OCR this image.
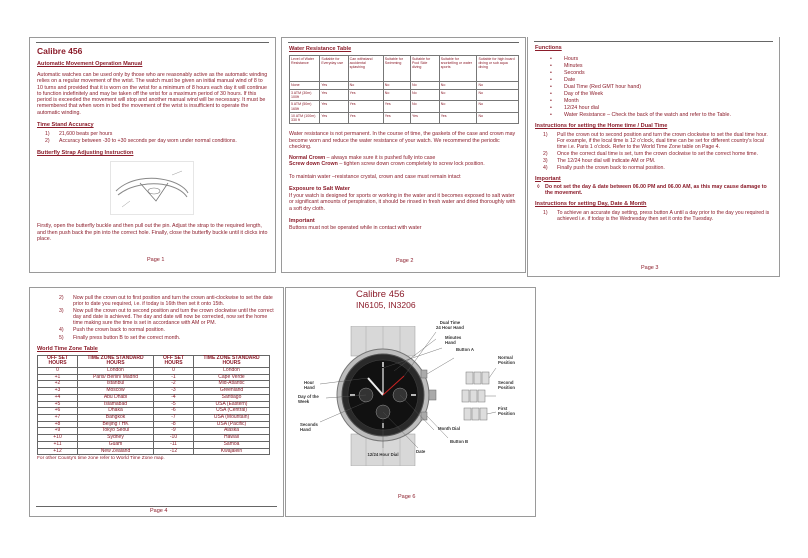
Calibre 456
Automatic Movement Operation Manual
Automatic watches can be used only by those who are reasonably active as the automatic winding relies on a regular movement of the wrist. The watch must be given an initial manual wind of 8 to 10 turns and provided that it is worn on the wrist for a minimum of 8 hours each day it will continue to function indefinitely and may be taken off the wrist for a maximum period of 30 hours. If this period is exceeded the movement will stop and another manual wind will be necessary. It must be remembered that when worn in bed the movement of the wrist is insufficient to operate the automatic winding.
Time Stand Accuracy
1)	21,600 beats per hours
2)	Accuracy between -30 to +30 seconds per day worn under normal conditions.
Butterfly Strap Adjusting Instruction
Firstly, open the butterfly buckle and then pull out the pin. Adjust the strap to the required length, and then push back the pin into the correct hole. Finally, close the butterfly buckle until it clicks into place.
Page 1
Water Resistance Table
Level of Water Resistance	Suitable for Everyday use	Can withstand accidental splashing	Suitable for Swimming	Suitable for Pool Side diving	Suitable for snorkelling or water sports	Suitable for high board diving or sub aqua diving
None	Yes	No	No	No	No	No
3 ATM (30m) 100ft	Yes	Yes	No	No	No	No
5 ATM (50m) 165ft	Yes	Yes	Yes	No	No	No
10 ATM (100m) 330 ft	Yes	Yes	Yes	Yes	Yes	No
Water resistance is not permanent. In the course of time, the gaskets of the case and crown may become worn and reduce the water resistance of your watch. We recommend the periodic checking.
Normal Crown – always make sure it is pushed fully into case
Screw down Crown – tighten screw down crown completely to screw lock position.
To maintain water –resistance crystal, crown and case must remain intact
Exposure to Salt Water
If your watch is designed for sports or working in the water and it becomes exposed to salt water or significant amounts of perspiration, it should be rinsed in fresh water and dried thoroughly with a soft dry cloth.
Important
Buttons must not be operated while in contact with water
Page 2
Functions
• Hours
• Minutes
• Seconds
• Date
• Dual Time (Red GMT hour hand)
• Day of the Week
• Month
• 12/24 hour dial
• Water Resistance – Check the back of the watch and refer to the Table.
Instructions for setting the Home time / Dual Time
1)	Pull the crown out to second position and turn the crown clockwise to set the dual time hour. For example, if the local time is 12 o'clock, dual time can be set for different country's local time i.e. Paris 1 o'clock. Refer to the World Time Zone table on Page 4.
2)	Once the correct dual time is set, turn the crown clockwise to set the correct home time.
3)	The 12/24 hour dial will indicate AM or PM.
4)	Finally push the crown back to normal position.
Important
◊	Do not set the day & date between 06.00 PM and 06.00 AM, as this may cause damage to the movement.
Instructions for setting Day, Date & Month
1)	To achieve an accurate day setting, press button A until a day prior to the day you required is achieved i.e. if today is the Wednesday then set it onto the Tuesday.
Page 3
2)	Now pull the crown out to first position and turn the crown anti-clockwise to set the date prior to date you required, i.e. if today is 16th then set it onto 15th.
3)	Now pull the crown out to second position and turn the crown clockwise until the correct day and date is achieved. The day and date will now be corrected, now set the home time making sure the time is set in accordance with AM or PM.
4)	Push the crown back to normal position.
5)	Finally press button B to set the correct month.
World Time Zone Table
OFF SET HOURS	TIME ZONE STANDARD HOURS	OFF SET HOURS	TIME ZONE STANDARD HOURS
0	London	0	London
+1	Paris/ Berlin/ Madrid	-1	Cape Verde
+2	Istanbul	-2	Mid-Atlantic
+3	Moscow	-3	Greenland
+4	Abu Dhabi	-4	Santiago
+5	Islamabad	-5	USA (Eastern)
+6	Dhaka	-6	USA (Central)
+7	Bangkok	-7	USA (Mountain)
+8	Beijing / HK	-8	USA (Pacific)
+9	Tokyo Seoul	-9	Alaska
+10	Sydney	-10	Hawaii
+11	Guam	-11	Samoa
+12	New Zealand	-12	Kwajalein
For other County's time zone refer to World Time Zone map.
Page 4
Calibre 456
IN6105, IN3206
Dual Time
24 Hour Hand
Minutes Hand
Button A
Normal Position
Second Position
First Position
Month Dial
Button B
Date
12/24 Hour Dial
Hour Hand
Day of the Week
Seconds Hand
Page 6
